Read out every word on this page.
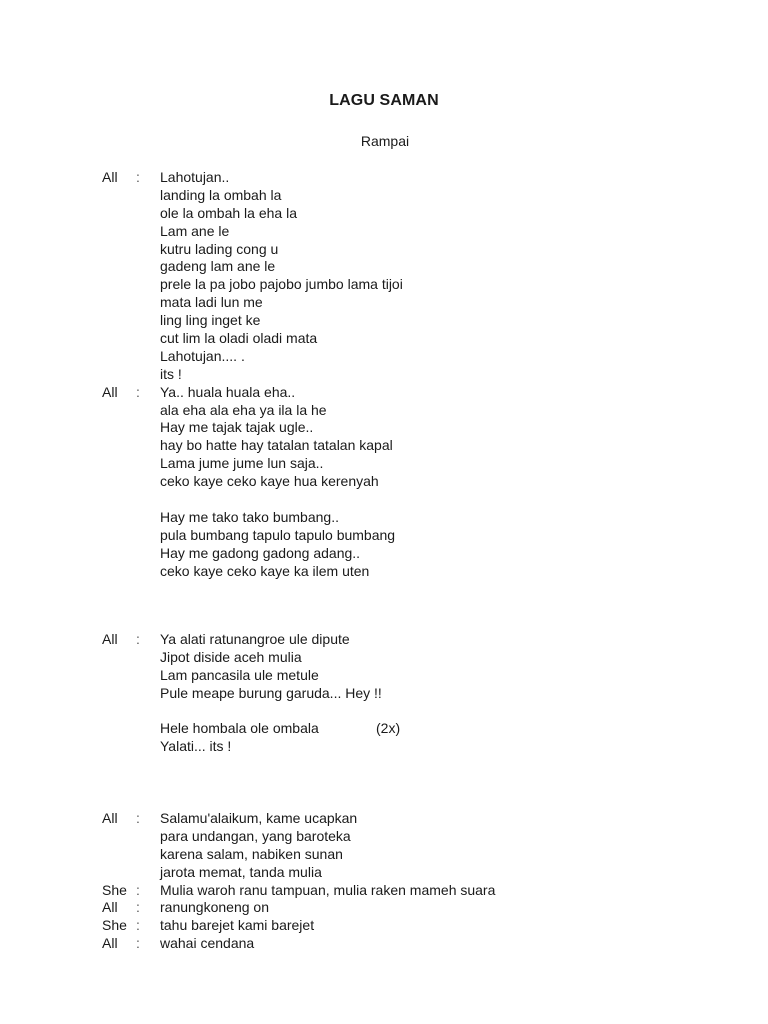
LAGU SAMAN
Rampai
All : Lahotujan..
landing la ombah la
ole la ombah la eha la
Lam ane le
kutru lading cong u
gadeng lam ane le
prele la pa jobo pajobo jumbo lama tijoi
mata ladi lun me
ling ling inget ke
cut lim la oladi oladi mata
Lahotujan.... .
its !
All : Ya.. huala huala eha..
ala eha ala eha ya ila la he
Hay me tajak tajak ugle..
hay bo hatte hay tatalan tatalan kapal
Lama jume jume lun saja..
ceko kaye ceko kaye hua kerenyah
Hay me tako tako bumbang..
pula bumbang tapulo tapulo bumbang
Hay me gadong gadong adang..
ceko kaye ceko kaye ka ilem uten
All : Ya alati ratunangroe ule dipute
Jipot diside aceh mulia
Lam pancasila ule metule
Pule meape burung garuda... Hey !!
Hele hombala ole ombala	(2x)
Yalati... its !
All : Salamu'alaikum, kame ucapkan
para undangan, yang baroteka
karena salam, nabiken sunan
jarota memat, tanda mulia
She : Mulia waroh ranu tampuan, mulia raken mameh suara
All : ranungkoneng on
She : tahu barejet kami barejet
All : wahai cendana
